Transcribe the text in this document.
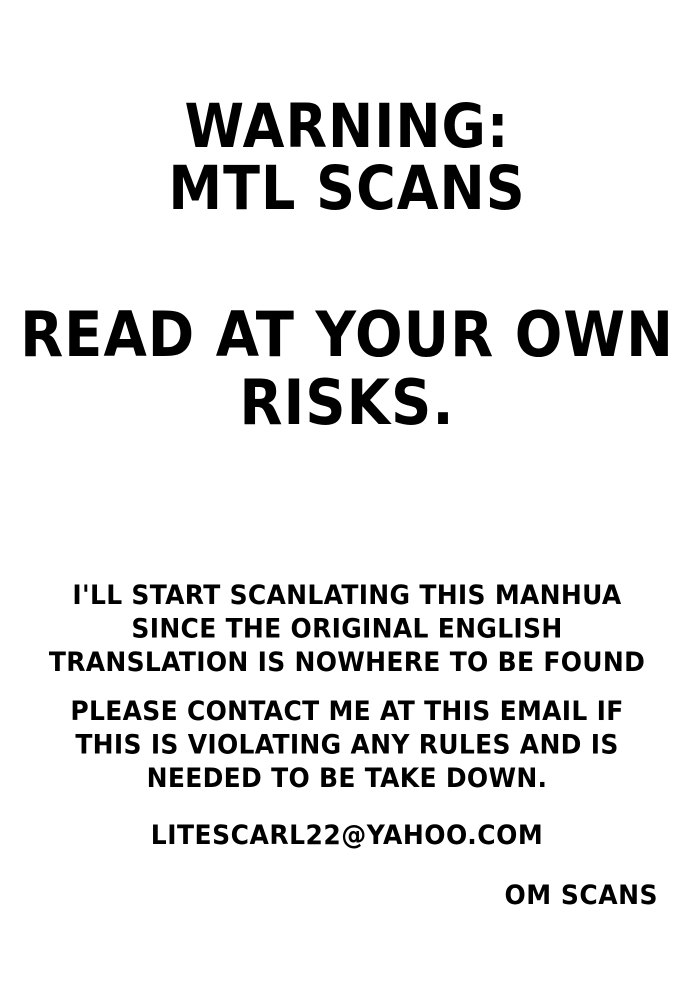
WARNING:
MTL SCANS
READ AT YOUR OWN
RISKS.
I'LL START SCANLATING THIS MANHUA SINCE THE ORIGINAL ENGLISH TRANSLATION IS NOWHERE TO BE FOUND
PLEASE CONTACT ME AT THIS EMAIL IF THIS IS VIOLATING ANY RULES AND IS NEEDED TO BE TAKE DOWN.
LITESCARL22@YAHOO.COM
OM SCANS
